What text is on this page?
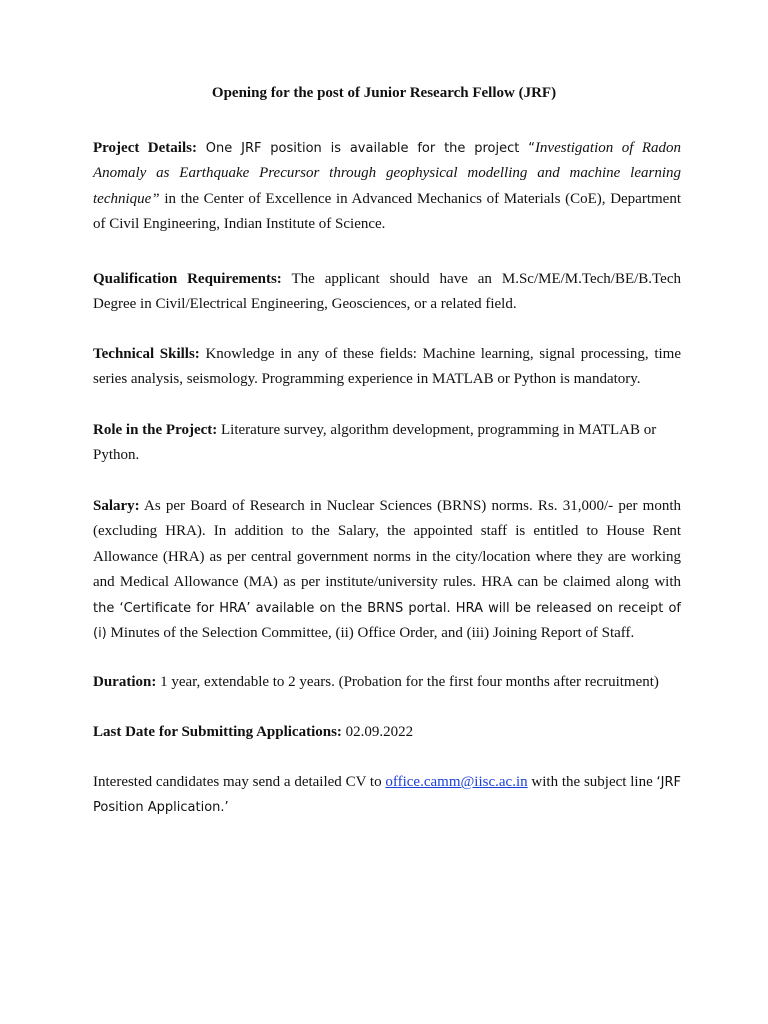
Opening for the post of Junior Research Fellow (JRF)
Project Details: One JRF position is available for the project “Investigation of Radon Anomaly as Earthquake Precursor through geophysical modelling and machine learning technique” in the Center of Excellence in Advanced Mechanics of Materials (CoE), Department of Civil Engineering, Indian Institute of Science.
Qualification Requirements: The applicant should have an M.Sc/ME/M.Tech/BE/B.Tech Degree in Civil/Electrical Engineering, Geosciences, or a related field.
Technical Skills: Knowledge in any of these fields: Machine learning, signal processing, time series analysis, seismology. Programming experience in MATLAB or Python is mandatory.
Role in the Project: Literature survey, algorithm development, programming in MATLAB or Python.
Salary: As per Board of Research in Nuclear Sciences (BRNS) norms. Rs. 31,000/- per month (excluding HRA). In addition to the Salary, the appointed staff is entitled to House Rent Allowance (HRA) as per central government norms in the city/location where they are working and Medical Allowance (MA) as per institute/university rules. HRA can be claimed along with the ‘Certificate for HRA’ available on the BRNS portal. HRA will be released on receipt of (i) Minutes of the Selection Committee, (ii) Office Order, and (iii) Joining Report of Staff.
Duration: 1 year, extendable to 2 years. (Probation for the first four months after recruitment)
Last Date for Submitting Applications: 02.09.2022
Interested candidates may send a detailed CV to office.camm@iisc.ac.in with the subject line ‘JRF Position Application.’
